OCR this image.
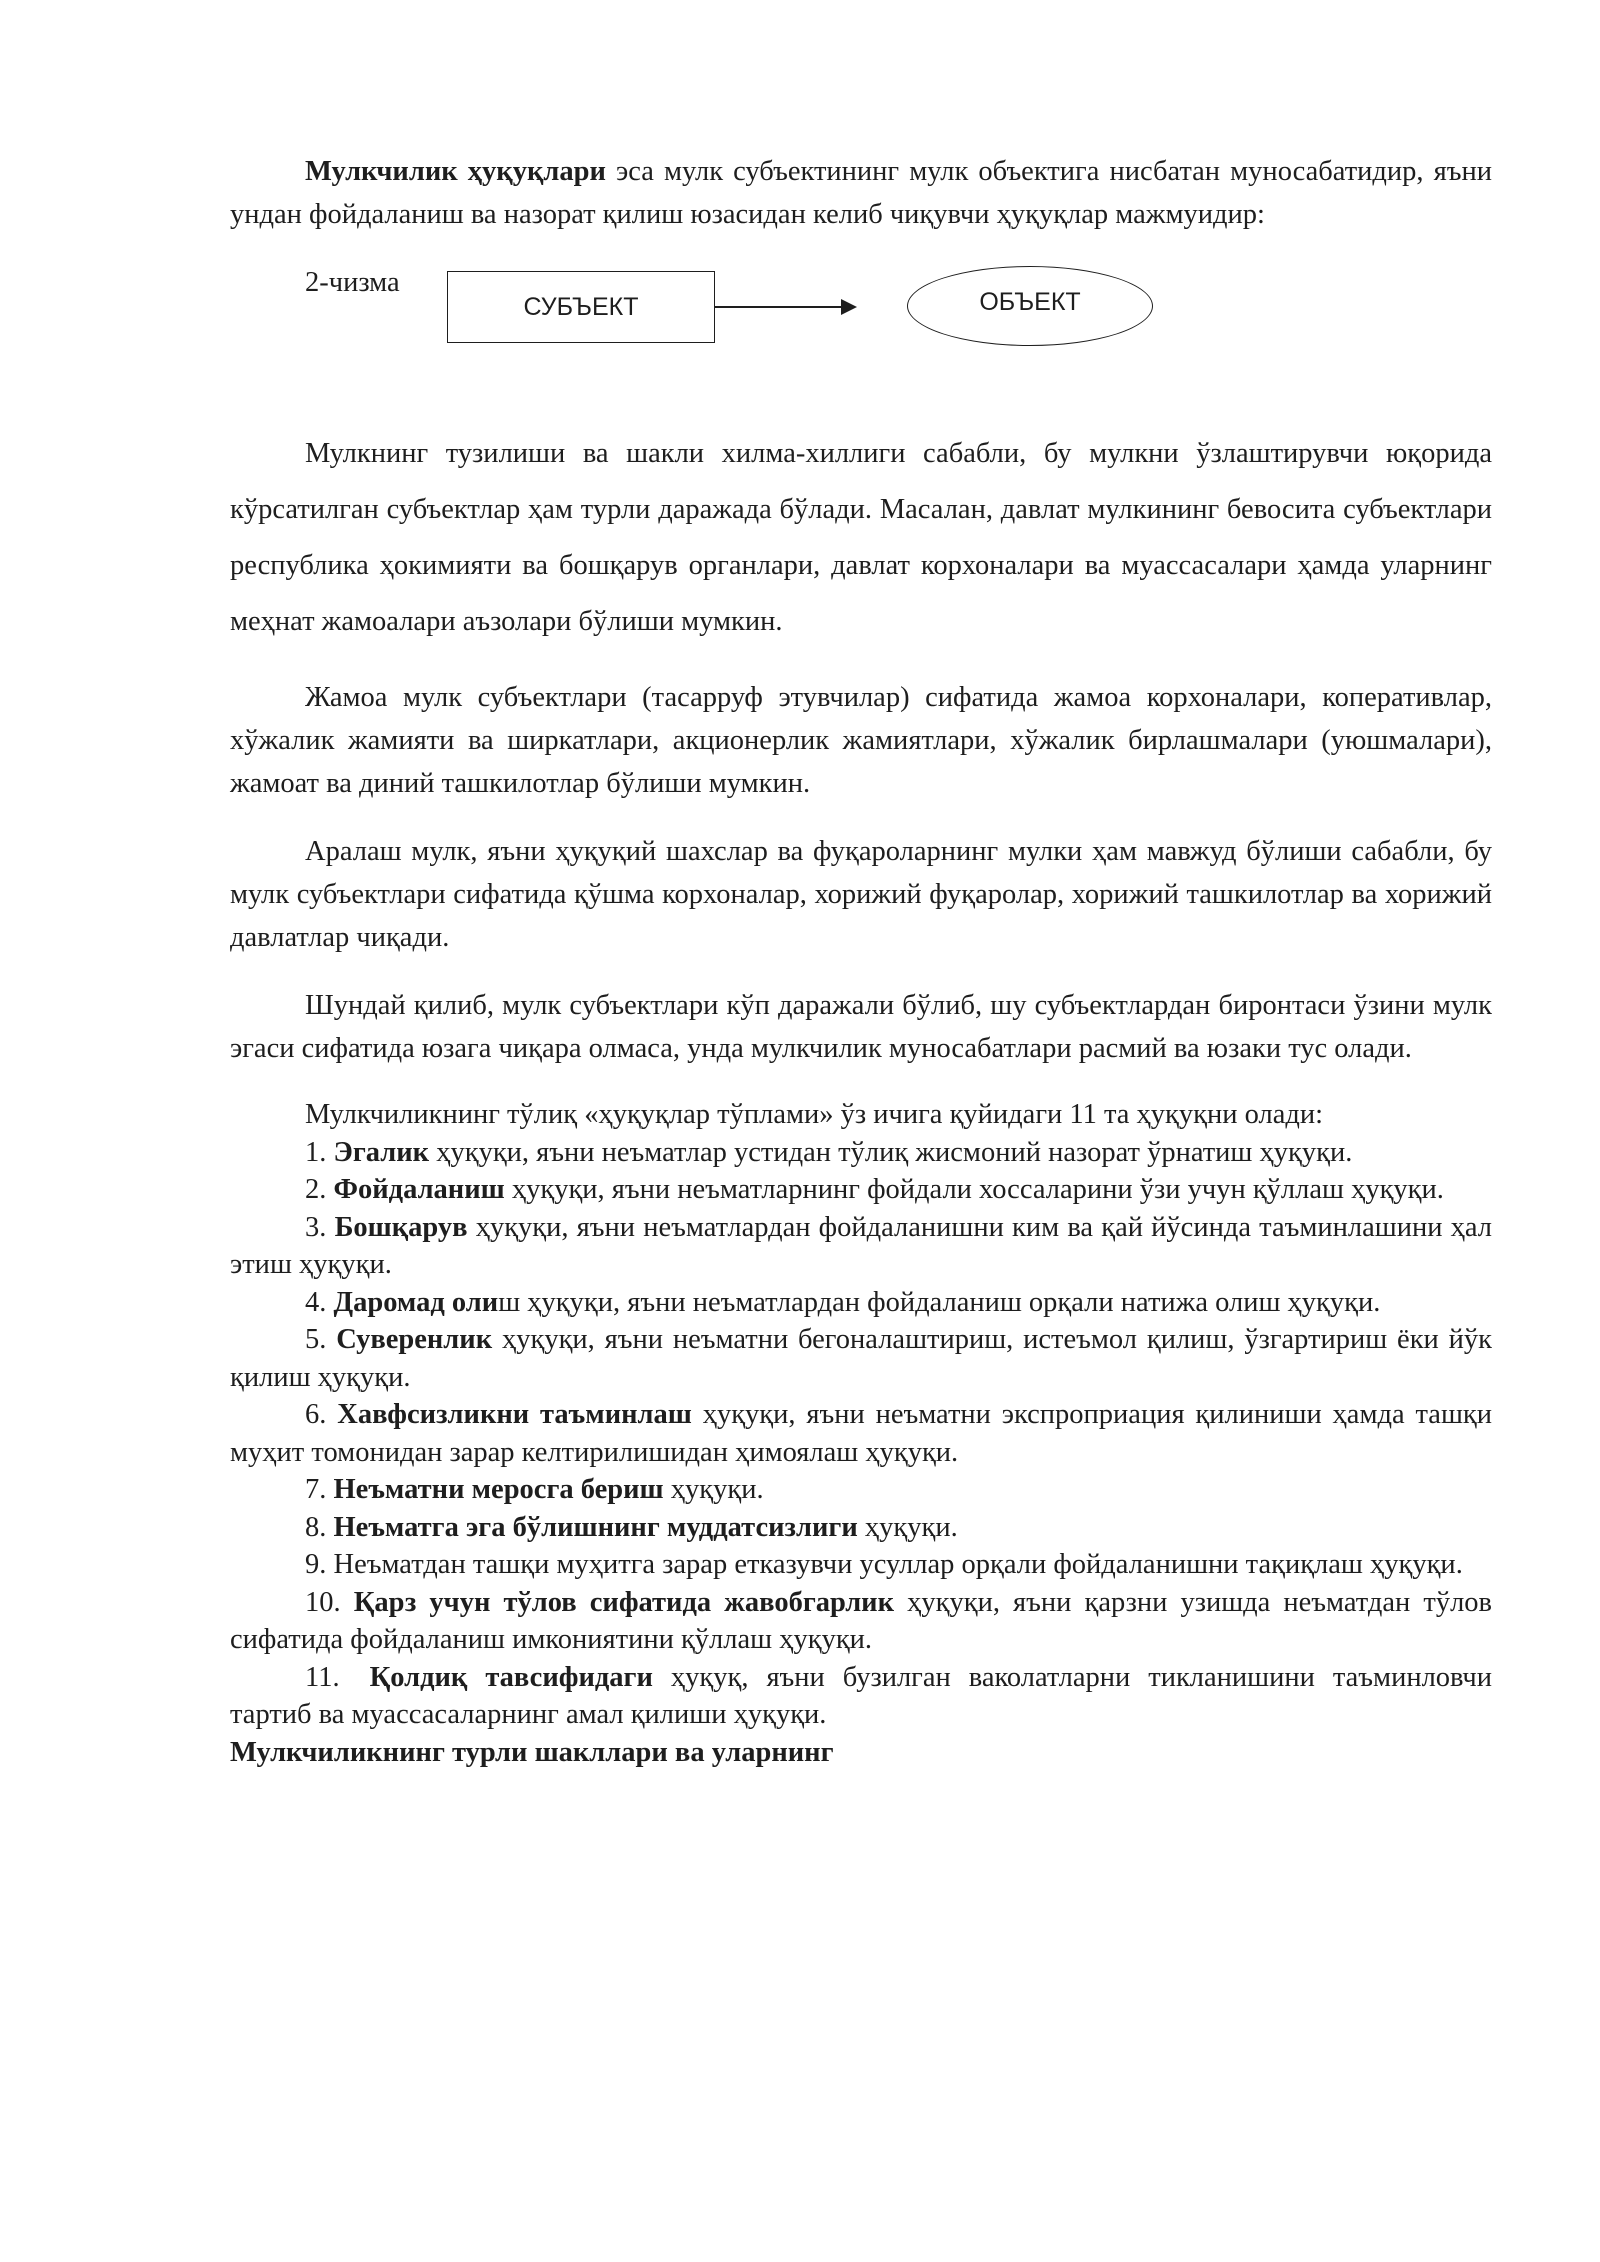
Мулкчилик ҳуқуқлари эса мулк субъектининг мулк объектига нисбатан муносабатидир, яъни ундан фойдаланиш ва назорат қилиш юзасидан келиб чиқувчи ҳуқуқлар мажмуидир:

2-чизма
СУБЪЕКТ	ОБЪЕКТ

Мулкнинг тузилиши ва шакли хилма-хиллиги сабабли, бу мулкни ўзлаштирувчи юқорида кўрсатилган субъектлар ҳам турли даражада бўлади. Масалан, давлат мулкининг бевосита субъектлари республика ҳокимияти ва бошқарув органлари, давлат корхоналари ва муассасалари ҳамда уларнинг меҳнат жамоалари аъзолари бўлиши мумкин.

Жамоа мулк субъектлари (тасарруф этувчилар) сифатида жамоа корхоналари, коперативлар, хўжалик жамияти ва ширкатлари, акционерлик жамиятлари, хўжалик бирлашмалари (уюшмалари), жамоат ва диний ташкилотлар бўлиши мумкин.

Аралаш мулк, яъни ҳуқуқий шахслар ва фуқароларнинг мулки ҳам мавжуд бўлиши сабабли, бу мулк субъектлари сифатида қўшма корхоналар, хорижий фуқаролар, хорижий ташкилотлар ва хорижий давлатлар чиқади.

Шундай қилиб, мулк субъектлари кўп даражали бўлиб, шу субъектлардан биронтаси ўзини мулк эгаси сифатида юзага чиқара олмаса, унда мулкчилик муносабатлари расмий ва юзаки тус олади.

Мулкчиликнинг тўлиқ «ҳуқуқлар тўплами» ўз ичига қуйидаги 11 та ҳуқуқни олади:

1. Эгалик ҳуқуқи, яъни неъматлар устидан тўлиқ жисмоний назорат ўрнатиш ҳуқуқи.

2. Фойдаланиш ҳуқуқи, яъни неъматларнинг фойдали хоссаларини ўзи учун қўллаш ҳуқуқи.

3. Бошқарув ҳуқуқи, яъни неъматлардан фойдаланишни ким ва қай йўсинда таъминлашини ҳал этиш ҳуқуқи.

4. Даромад олиш ҳуқуқи, яъни неъматлардан фойдаланиш орқали натижа олиш ҳуқуқи.

5. Суверенлик ҳуқуқи, яъни неъматни бегоналаштириш, истеъмол қилиш, ўзгартириш ёки йўк қилиш ҳуқуқи.

6. Хавфсизликни таъминлаш ҳуқуқи, яъни неъматни экспроприация қилиниши ҳамда ташқи муҳит томонидан зарар келтирилишидан ҳимоялаш ҳуқуқи.

7. Неъматни меросга бериш ҳуқуқи.

8. Неъматга эга бўлишнинг муддатсизлиги ҳуқуқи.

9. Неъматдан ташқи муҳитга зарар етказувчи усуллар орқали фойдаланишни тақиқлаш ҳуқуқи.

10. Қарз учун тўлов сифатида жавобгарлик ҳуқуқи, яъни қарзни узишда неъматдан тўлов сифатида фойдаланиш имкониятини қўллаш ҳуқуқи.

11. Қолдиқ тавсифидаги ҳуқуқ, яъни бузилган ваколатларни тикланишини таъминловчи тартиб ва муассасаларнинг амал қилиши ҳуқуқи.

Мулкчиликнинг турли шакллари ва уларнинг
